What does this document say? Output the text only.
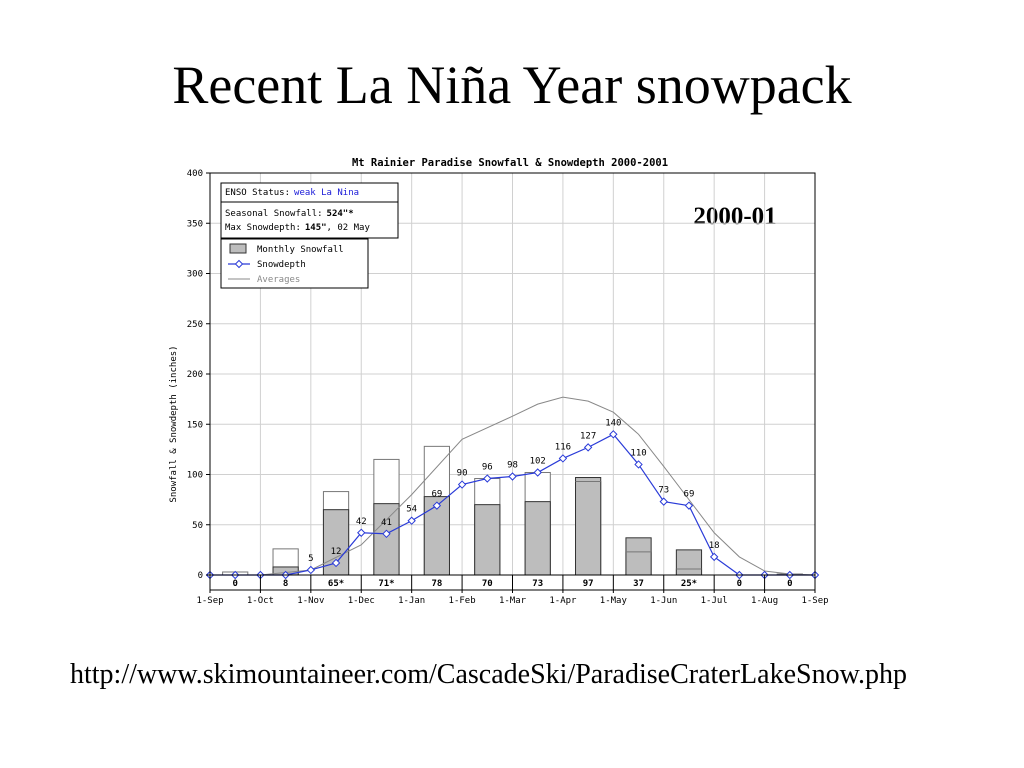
Recent La Niña Year snowpack
Mt Rainier Paradise Snowfall & Snowdepth 2000-2001
2000-01
Snowfall & Snowdepth (inches)
5
12
42 41
54
69
90
96 98 102
116
127
140
110
73 69
18
0
50
100
150
200
250
300
350
400
0	8	65*	71*	78	70	73	97	37	25*	0	0
1-Sep	1-Oct	1-Nov	1-Dec	1-Jan	1-Feb	1-Mar	1-Apr	1-May	1-Jun	1-Jul	1-Aug	1-Sep
ENSO Status: weak La Nina
Seasonal Snowfall: 524"*
Max Snowdepth: 145", 02 May
Monthly Snowfall
Snowdepth
Averages
http://www.skimountaineer.com/CascadeSki/ParadiseCraterLakeSnow.php
